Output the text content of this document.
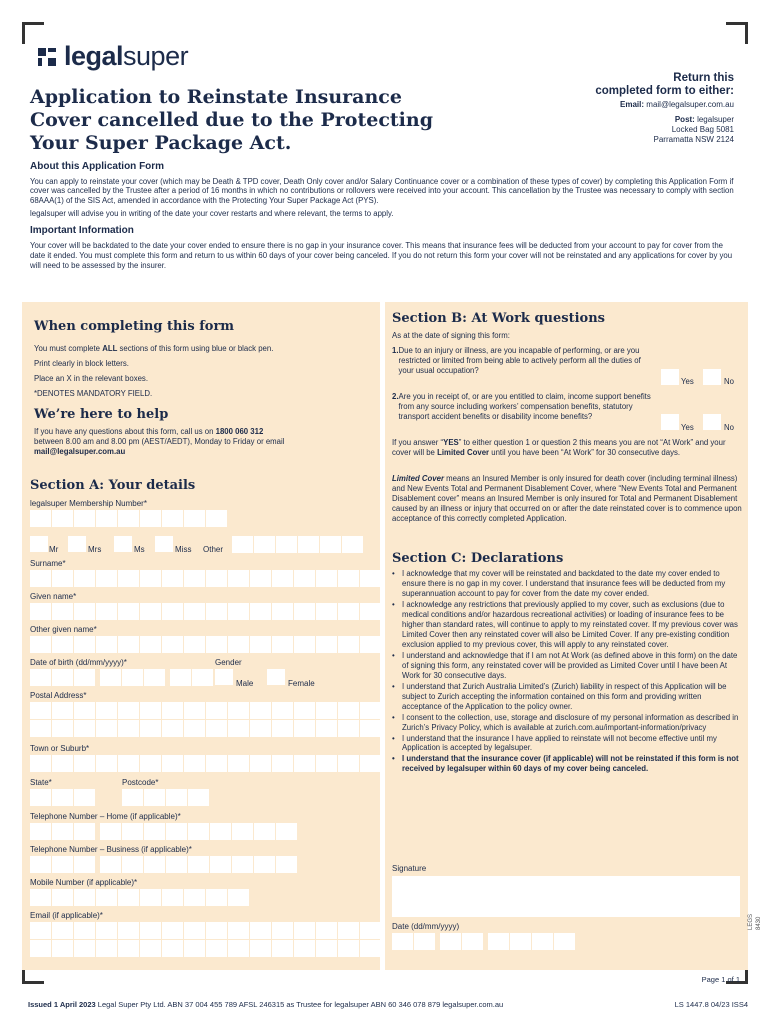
legalsuper
Application to Reinstate Insurance Cover cancelled due to the Protecting Your Super Package Act.
Return this
completed form to either:
Email: mail@legalsuper.com.au
Post: legalsuper
Locked Bag 5081
Parramatta NSW 2124
About this Application Form
You can apply to reinstate your cover (which may be Death & TPD cover, Death Only cover and/or Salary Continuance cover or a combination of these types of cover) by completing this Application Form if cover was cancelled by the Trustee after a period of 16 months in which no contributions or rollovers were received into your account. This cancellation by the Trustee was necessary to comply with section 68AAA(1) of the SIS Act, amended in accordance with the Protecting Your Super Package Act (PYS).
legalsuper will advise you in writing of the date your cover restarts and where relevant, the terms to apply.
Important Information
Your cover will be backdated to the date your cover ended to ensure there is no gap in your insurance cover. This means that insurance fees will be deducted from your account to pay for cover from the date it ended. You must complete this form and return to us within 60 days of your cover being canceled. If you do not return this form your cover will not be reinstated and any applications for cover by you will need to be assessed by the insurer.
When completing this form
You must complete ALL sections of this form using blue or black pen.
Print clearly in block letters.
Place an X in the relevant boxes.
*DENOTES MANDATORY FIELD.
We’re here to help
If you have any questions about this form, call us on 1800 060 312
between 8.00 am and 8.00 pm (AEST/AEDT), Monday to Friday or email
mail@legalsuper.com.au
Section A: Your details
legalsuper Membership Number*
Mr	Mrs	Ms	Miss Other
Surname*
Given name*
Other given name*
Date of birth (dd/mm/yyyy)*	Gender
Male	Female
Postal Address*
Town or Suburb*
State*	Postcode*
Telephone Number – Home (if applicable)*
Telephone Number – Business (if applicable)*
Mobile Number (if applicable)*
Email (if applicable)*
Section B: At Work questions
As at the date of signing this form:
1. Due to an injury or illness, are you incapable of performing, or are you restricted or limited from being able to actively perform all the duties of your usual occupation?
Yes	No
2. Are you in receipt of, or are you entitled to claim, income support benefits from any source including workers’ compensation benefits, statutory transport accident benefits or disability income benefits?
Yes	No
If you answer “YES” to either question 1 or question 2 this means you are not “At Work” and your cover will be Limited Cover until you have been “At Work” for 30 consecutive days.
Limited Cover means an Insured Member is only insured for death cover (including terminal illness) and New Events Total and Permanent Disablement Cover, where “New Events Total and Permanent Disablement cover” means an Insured Member is only insured for Total and Permanent Disablement caused by an illness or injury that occurred on or after the date reinstated cover is to commence upon acceptance of this correctly completed Application.
Section C: Declarations
• I acknowledge that my cover will be reinstated and backdated to the date my cover ended to ensure there is no gap in my cover. I understand that insurance fees will be deducted from my superannuation account to pay for cover from the date my cover ended.
• I acknowledge any restrictions that previously applied to my cover, such as exclusions (due to medical conditions and/or hazardous recreational activities) or loading of insurance fees to be higher than standard rates, will continue to apply to my reinstated cover. If my previous cover was Limited Cover then any reinstated cover will also be Limited Cover. If any pre-existing condition exclusion applied to my previous cover, this will apply to any reinstated cover.
• I understand and acknowledge that if I am not At Work (as defined above in this form) on the date of signing this form, any reinstated cover will be provided as Limited Cover until I have been At Work for 30 consecutive days.
• I understand that Zurich Australia Limited’s (Zurich) liability in respect of this Application will be subject to Zurich accepting the information contained on this form and providing written acceptance of the Application to the policy owner.
• I consent to the collection, use, storage and disclosure of my personal information as described in Zurich’s Privacy Policy, which is available at zurich.com.au/important-information/privacy
• I understand that the insurance I have applied to reinstate will not become effective until my Application is accepted by legalsuper.
• I understand that the insurance cover (if applicable) will not be reinstated if this form is not received by legalsuper within 60 days of my cover being canceled.
Signature
Date (dd/mm/yyyy)	LEGS 8430
Page 1 of 1
Issued 1 April 2023 Legal Super Pty Ltd. ABN 37 004 455 789 AFSL 246315 as Trustee for legalsuper ABN 60 346 078 879 legalsuper.com.au	LS 1447.8 04/23 ISS4
